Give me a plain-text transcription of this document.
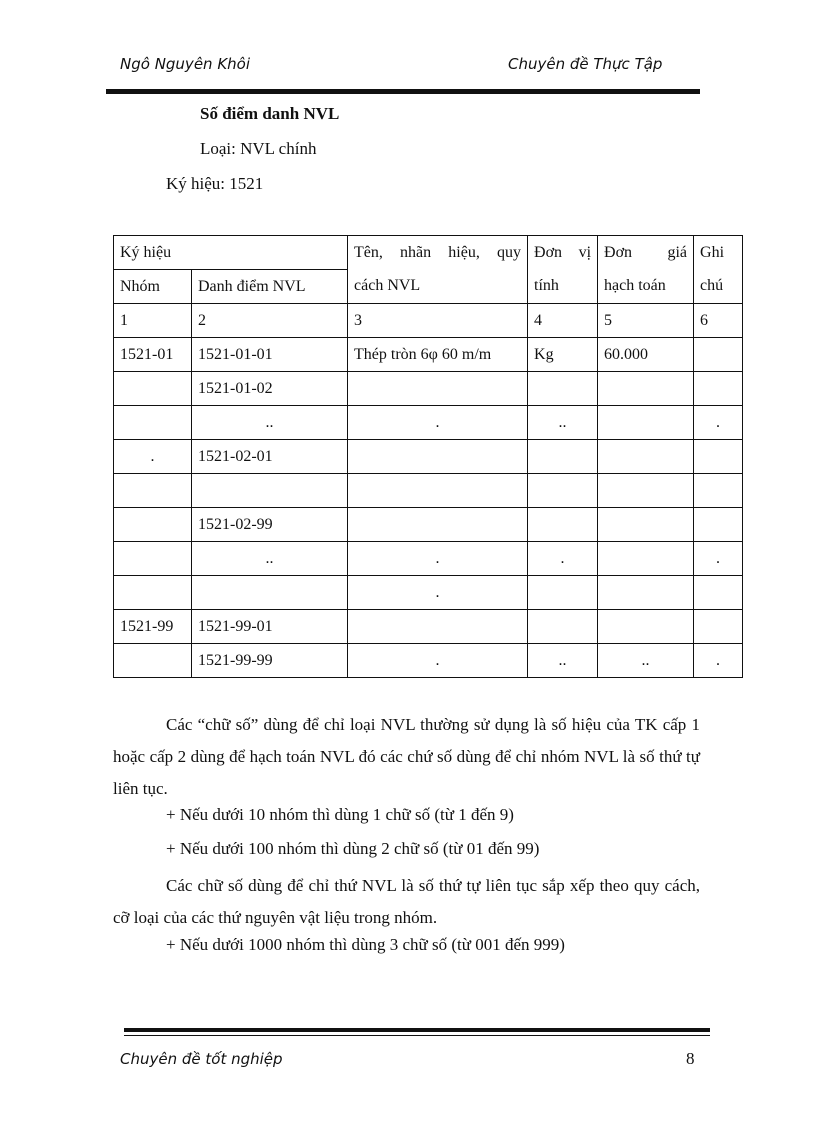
Ngô Nguyên Khôi	Chuyên đề Thực Tập
Số điểm danh NVL
Loại: NVL chính
Ký hiệu: 1521
Ký hiệu		Tên, nhãn hiệu, quy	Đơn vị	Đơn giá	Ghi
Nhóm	Danh điểm NVL	cách NVL	tính	hạch toán	chú
1	2	3	4	5	6
1521-01	1521-01-01	Thép tròn 6φ 60 m/m	Kg	60.000	
	1521-01-02				
	..	.	..		.
.	1521-02-01				

	1521-02-99				
	..	.	.		.
		.			
1521-99	1521-99-01				
	1521-99-99	.	..	..	.
Các “chữ số” dùng để chỉ loại NVL thường sử dụng là số hiệu của TK cấp 1 hoặc cấp 2 dùng để hạch toán NVL đó các chứ số dùng để chỉ nhóm NVL là số thứ tự liên tục.
+ Nếu dưới 10 nhóm thì dùng 1 chữ số (từ 1 đến 9)
+ Nếu dưới 100 nhóm thì dùng 2 chữ số (từ 01 đến 99)
Các chữ số dùng để chỉ thứ NVL là số thứ tự liên tục sắp xếp theo quy cách, cỡ loại của các thứ nguyên vật liệu trong nhóm.
+ Nếu dưới 1000 nhóm thì dùng 3 chữ số (từ 001 đến 999)
Chuyên đề tốt nghiệp	8
